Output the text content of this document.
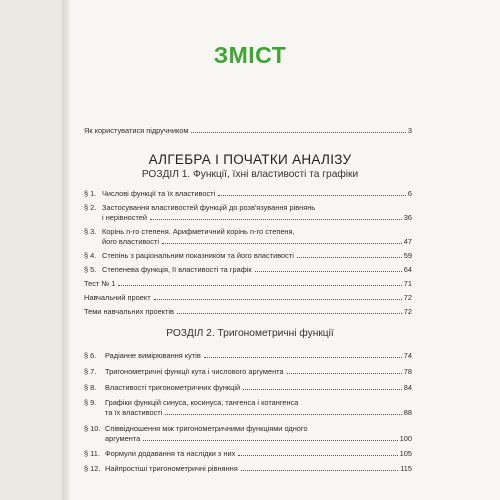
ЗМІСТ
Як користуватися підручником	3
АЛГЕБРА І ПОЧАТКИ АНАЛІЗУ
РОЗДІЛ 1. Функції, їхні властивості та графіки
§ 1. Числові функції та їх властивості	6
§ 2. Застосування властивостей функцій до розв'язування рівнянь
і нерівностей	36
§ 3. Корінь n-го степеня. Арифметичний корінь n-го степеня,
його властивості	47
§ 4. Степінь з раціональним показником та його властивості	59
§ 5. Степенева функція, її властивості та графік	64
Тест № 1	71
Навчальний проект	72
Теми навчальних проектів	72
РОЗДІЛ 2. Тригонометричні функції
§ 6.	Радіанне вимірювання кутів	74
§ 7.	Тригонометричні функції кута і числового аргумента	78
§ 8.	Властивості тригонометричних функцій	84
§ 9.	Графіки функцій синуса, косинуса, тангенса і котангенса
та їх властивості	88
§ 10. Співвідношення між тригонометричними функціями одного
аргумента	100
§ 11. Формули додавання та наслідки з них	105
§ 12. Найпростіші тригонометричні рівняння	115
